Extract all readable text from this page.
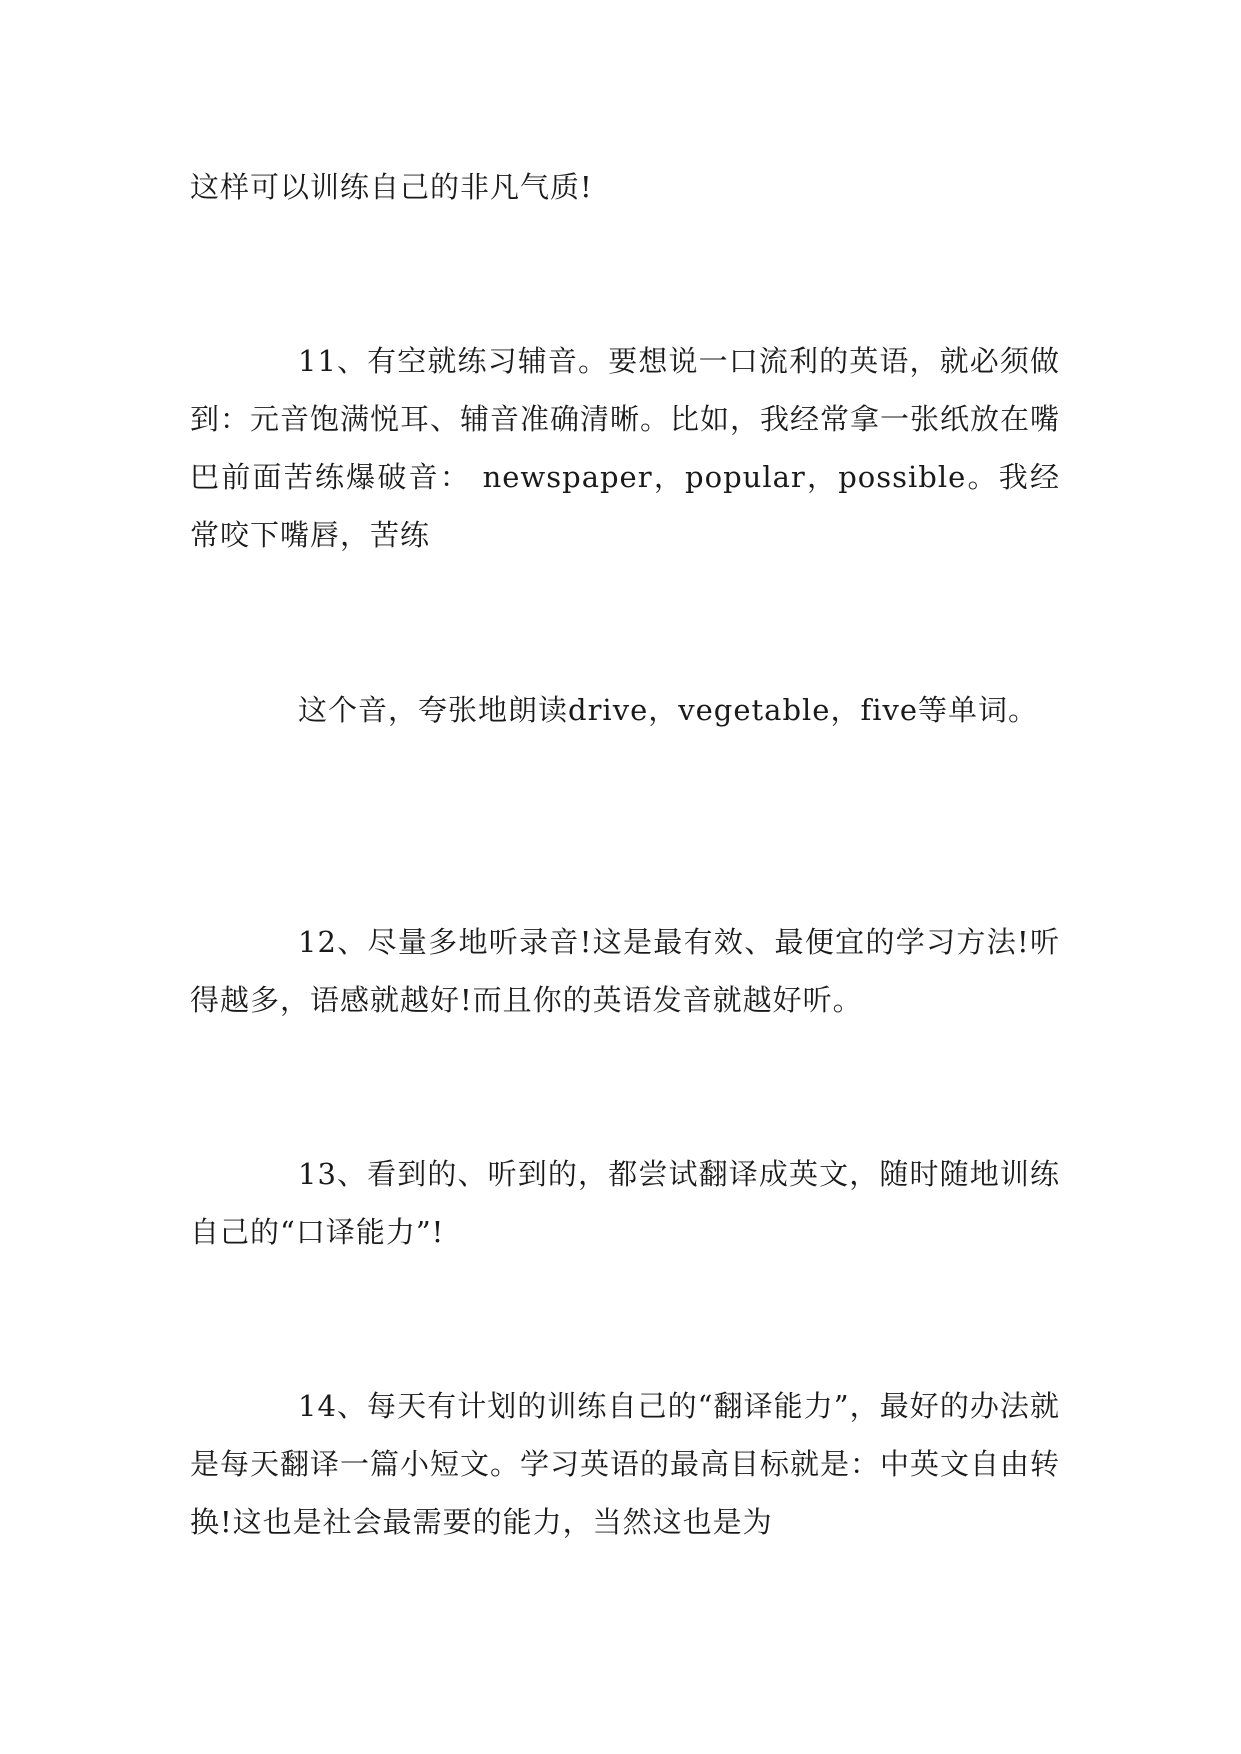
这样可以训练自己的非凡气质!

11、有空就练习辅音。要想说一口流利的英语，就必须做到：元音饱满悦耳、辅音准确清晰。比如，我经常拿一张纸放在嘴巴前面苦练爆破音： newspaper，popular，possible。我经常咬下嘴唇，苦练

这个音，夸张地朗读drive，vegetable，five等单词。

12、尽量多地听录音!这是最有效、最便宜的学习方法!听得越多，语感就越好!而且你的英语发音就越好听。

13、看到的、听到的，都尝试翻译成英文，随时随地训练自己的“口译能力”!

14、每天有计划的训练自己的“翻译能力”，最好的办法就是每天翻译一篇小短文。学习英语的最高目标就是：中英文自由转换!这也是社会最需要的能力，当然这也是为
